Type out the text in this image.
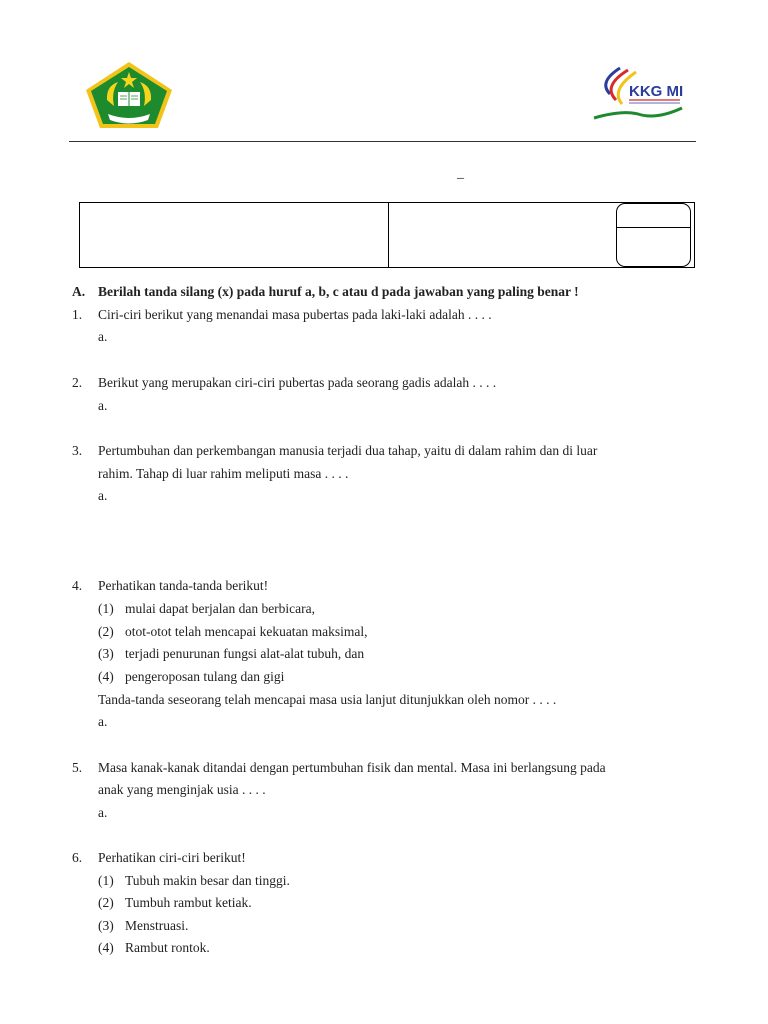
KKG MI
_
A. Berilah tanda silang (x) pada huruf a, b, c atau d pada jawaban yang paling benar !
1. Ciri-ciri berikut yang menandai masa pubertas pada laki-laki adalah . . . .
a.
2. Berikut yang merupakan ciri-ciri pubertas pada seorang gadis adalah . . . .
a.
3. Pertumbuhan dan perkembangan manusia terjadi dua tahap, yaitu di dalam rahim dan di luar
rahim. Tahap di luar rahim meliputi masa . . . .
a.
4. Perhatikan tanda-tanda berikut!
(1) mulai dapat berjalan dan berbicara,
(2) otot-otot telah mencapai kekuatan maksimal,
(3) terjadi penurunan fungsi alat-alat tubuh, dan
(4) pengeroposan tulang dan gigi
Tanda-tanda seseorang telah mencapai masa usia lanjut ditunjukkan oleh nomor . . . .
a.
5. Masa kanak-kanak ditandai dengan pertumbuhan fisik dan mental. Masa ini berlangsung pada
anak yang menginjak usia . . . .
a.
6. Perhatikan ciri-ciri berikut!
(1) Tubuh makin besar dan tinggi.
(2) Tumbuh rambut ketiak.
(3) Menstruasi.
(4) Rambut rontok.
